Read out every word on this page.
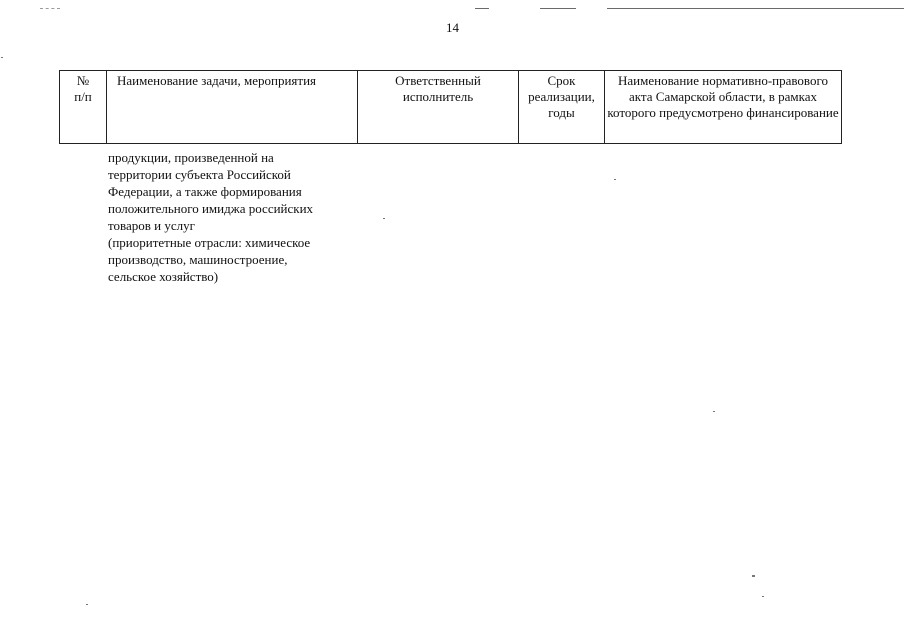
14
№
п/п	Наименование задачи, мероприятия	Ответственный исполнитель	Срок реализации, годы	Наименование нормативно-правового акта Самарской области, в рамках которого предусмотрено финансирование
продукции, произведенной на
территории субъекта Российской
Федерации, а также формирования
положительного имиджа российских
товаров и услуг
(приоритетные отрасли: химическое
производство, машиностроение,
сельское хозяйство)
